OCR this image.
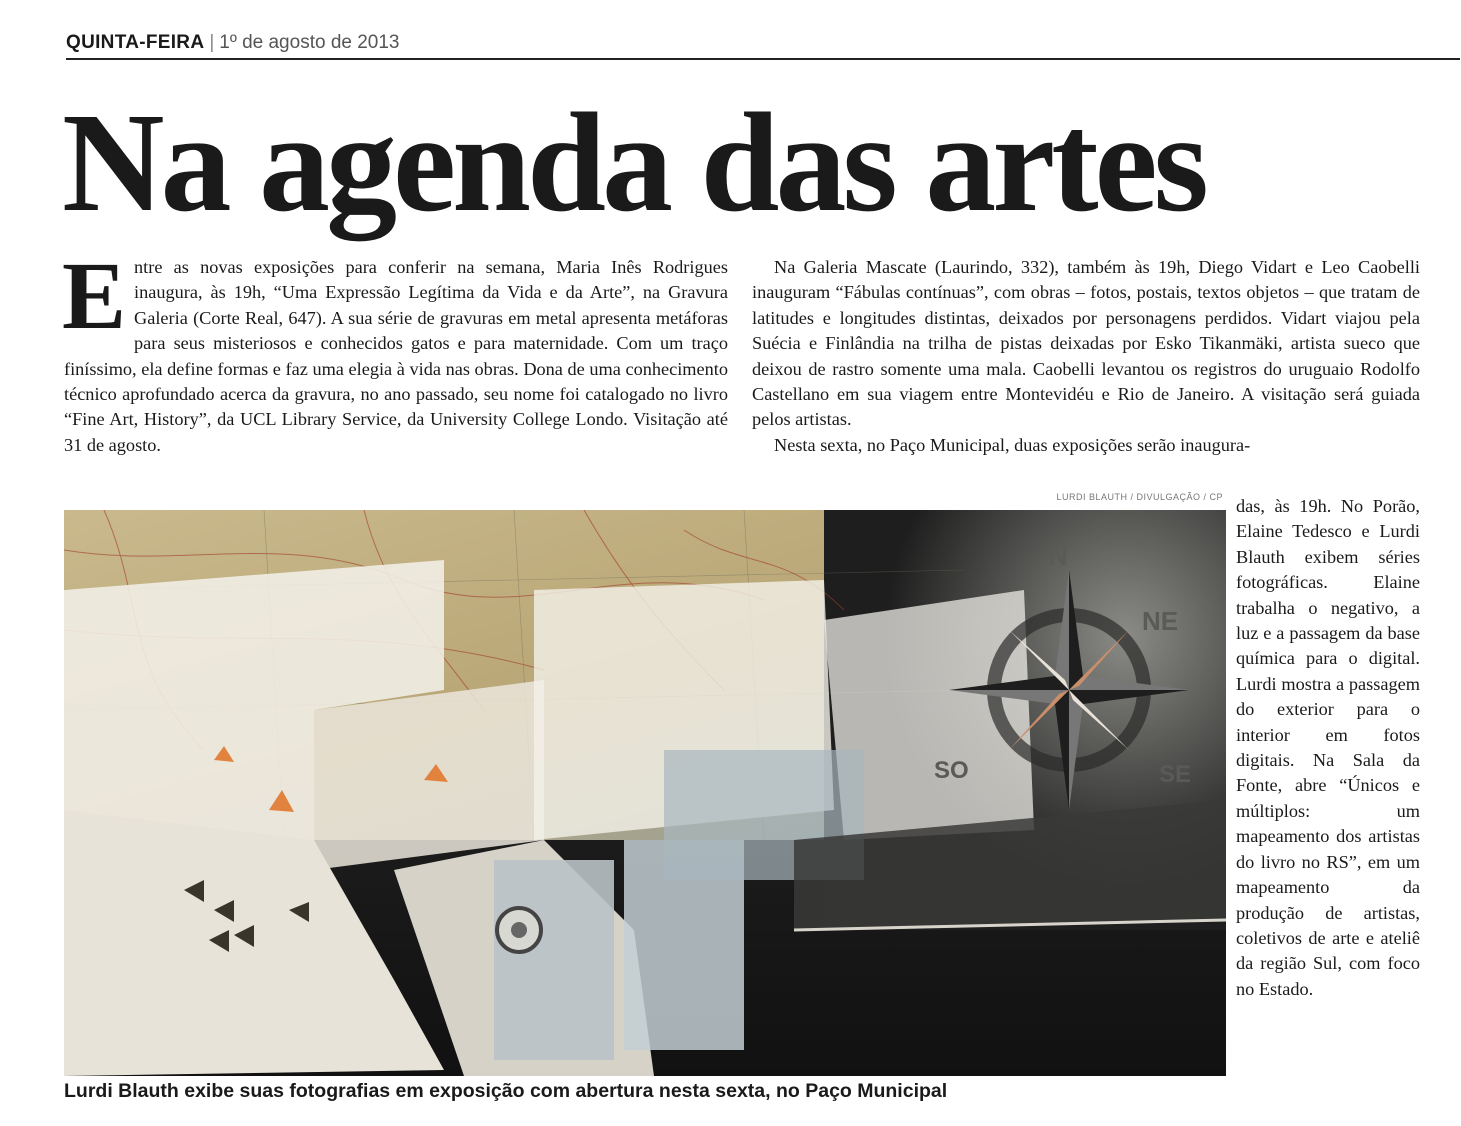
QUINTA-FEIRA | 1º de agosto de 2013
Na agenda das artes

Entre as novas exposições para conferir na semana, Maria Inês Rodrigues inaugura, às 19h, “Uma Expressão Legítima da Vida e da Arte”, na Gravura Galeria (Corte Real, 647). A sua série de gravuras em metal apresenta metáforas para seus misteriosos e conhecidos gatos e para maternidade. Com um traço finíssimo, ela define formas e faz uma elegia à vida nas obras. Dona de uma conhecimento técnico aprofundado acerca da gravura, no ano passado, seu nome foi catalogado no livro “Fine Art, History”, da UCL Library Service, da University College Londo. Visitação até 31 de agosto.

Na Galeria Mascate (Laurindo, 332), também às 19h, Diego Vidart e Leo Caobelli inauguram “Fábulas contínuas”, com obras – fotos, postais, textos objetos – que tratam de latitudes e longitudes distintas, deixados por personagens perdidos. Vidart viajou pela Suécia e Finlândia na trilha de pistas deixadas por Esko Tikanmäki, artista sueco que deixou de rastro somente uma mala. Caobelli levantou os registros do uruguaio Rodolfo Castellano em sua viagem entre Montevidéu e Rio de Janeiro. A visitação será guiada pelos artistas.

Nesta sexta, no Paço Municipal, duas exposições serão inaugura-

LURDI BLAUTH / DIVULGAÇÃO / CP
N
NE
SO	SE

Lurdi Blauth exibe suas fotografias em exposição com abertura nesta sexta, no Paço Municipal

das, às 19h. No Porão, Elaine Tedesco e Lurdi Blauth exibem séries fotográficas. Elaine trabalha o negativo, a luz e a passagem da base química para o digital. Lurdi mostra a passagem do exterior para o interior em fotos digitais. Na Sala da Fonte, abre “Únicos e múltiplos: um mapeamento dos artistas do livro no RS”, em um mapeamento da produção de artistas, coletivos de arte e ateliê da região Sul, com foco no Estado.
